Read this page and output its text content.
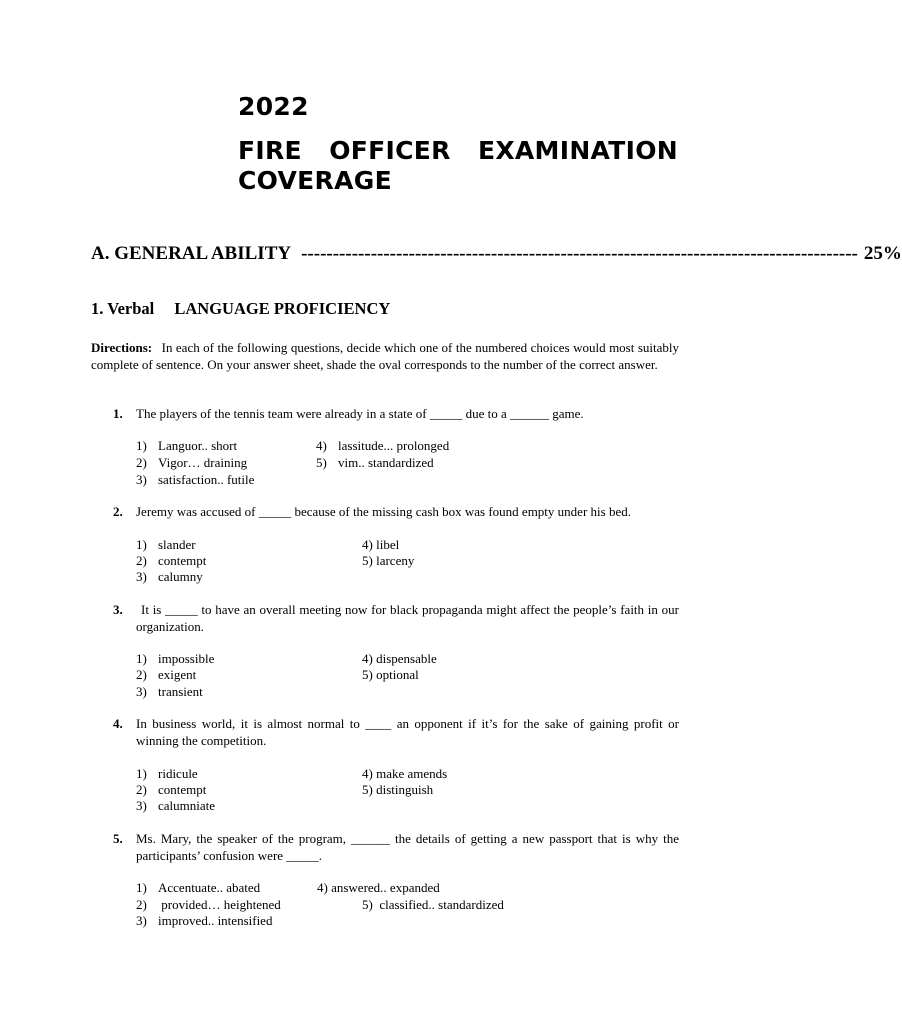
2022
FIRE OFFICER EXAMINATION
COVERAGE
A. GENERAL ABILITY ---------------------------------------------------------------------------------------- 25%
1. Verbal LANGUAGE PROFICIENCY
Directions: In each of the following questions, decide which one of the numbered choices would most suitably complete of sentence. On your answer sheet, shade the oval corresponds to the number of the correct answer.
1. The players of the tennis team were already in a state of _____ due to a ______ game.
1) Languor.. short
2) Vigor… draining
3) satisfaction.. futile
4) lassitude... prolonged
5) vim.. standardized
2. Jeremy was accused of _____ because of the missing cash box was found empty under his bed.
1) slander
2) contempt
3) calumny
4) libel
5) larceny
3.	It is _____ to have an overall meeting now for black propaganda might affect the people’s faith in our organization.
1) impossible
2) exigent
3) transient
4) dispensable
5) optional
4. In business world, it is almost normal to ____ an opponent if it’s for the sake of gaining profit or winning the competition.
1) ridicule
2) contempt
3) calumniate
4) make amends
5) distinguish
5. Ms. Mary, the speaker of the program, ______ the details of getting a new passport that is why the participants’ confusion were _____.
1) Accentuate.. abated
2) provided… heightened
3) improved.. intensified
4) answered.. expanded
5) classified.. standardized
